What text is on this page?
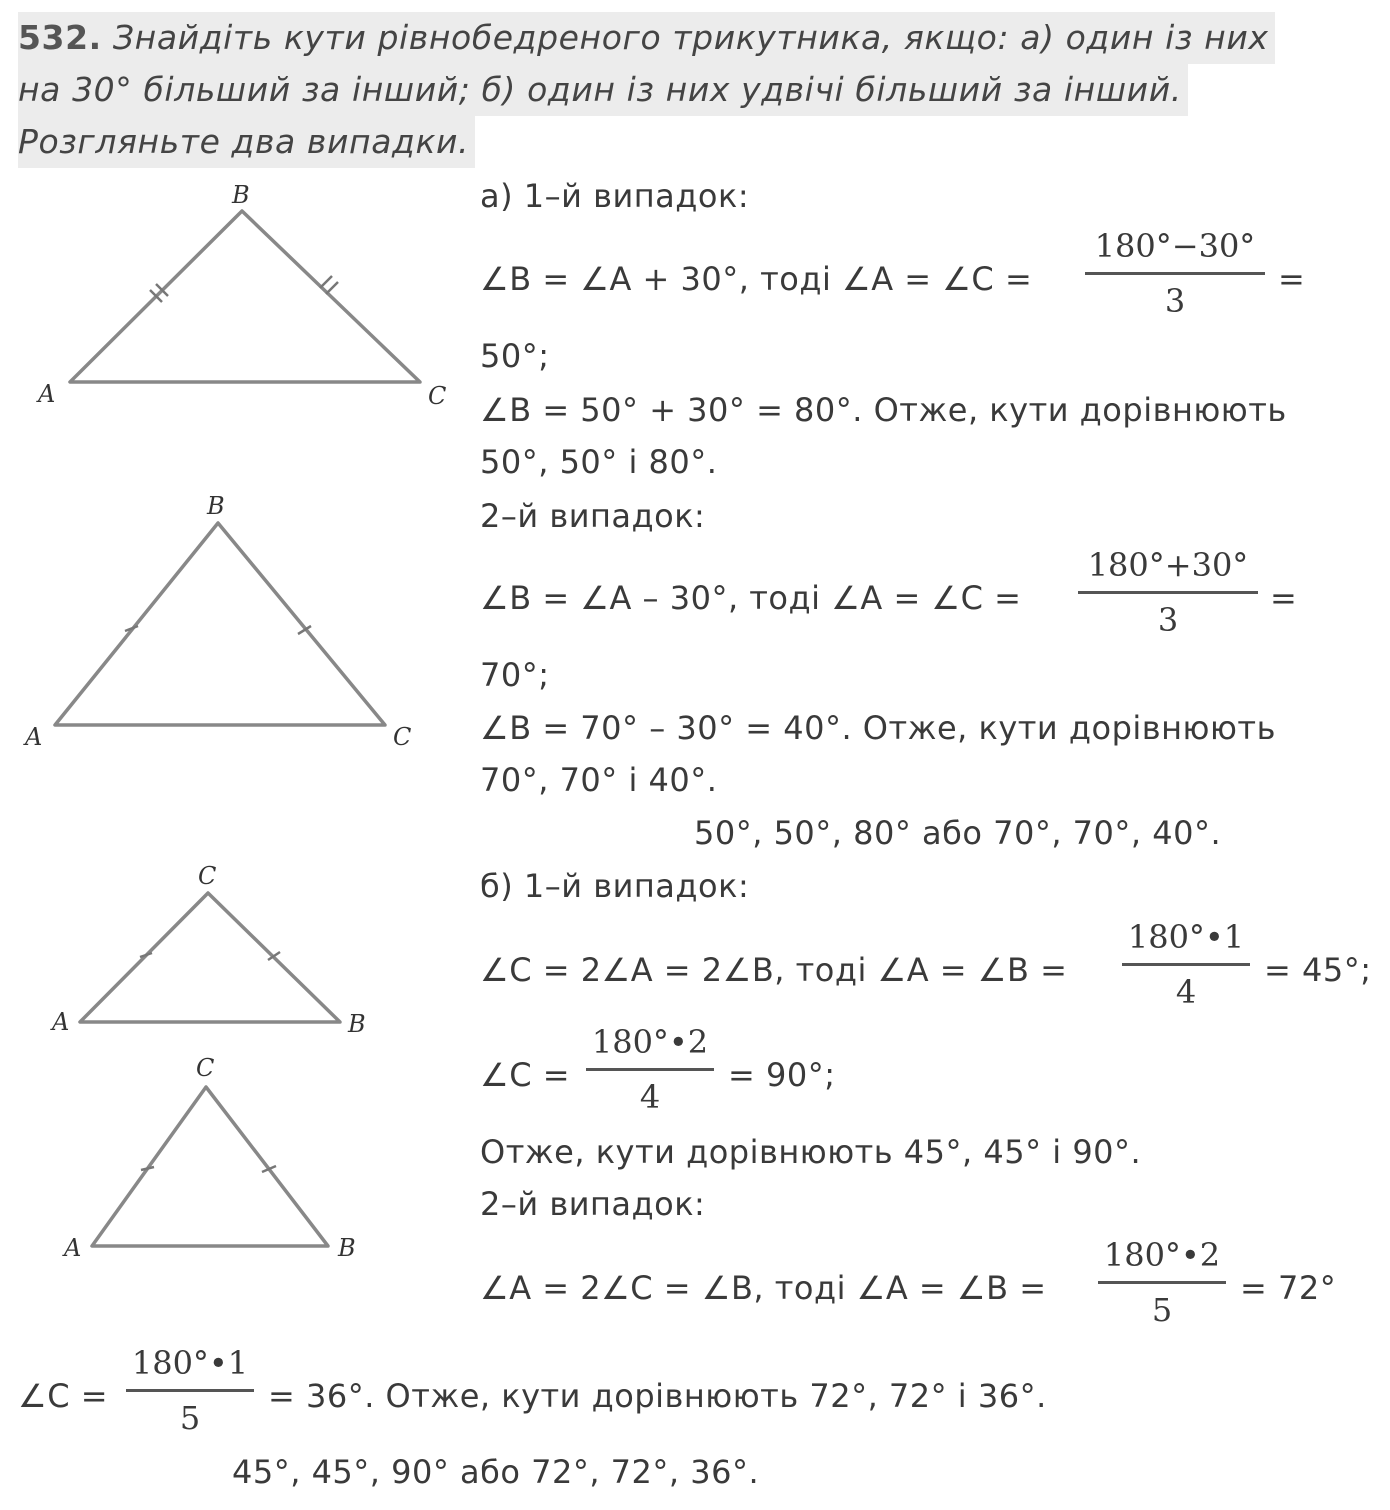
532. Знайдіть кути рівнобедреного трикутника, якщо: а) один із них
на 30° більший за інший; б) один із них удвічі більший за інший.
Розгляньте два випадки.
B
A	C
B
A	C
C
A	B
C
A	B
а) 1–й випадок:
∠B = ∠A + 30°, тоді ∠A = ∠C =
180°−30°
3
=
50°;
∠B = 50° + 30° = 80°. Отже, кути дорівнюють
50°, 50° і 80°.
2–й випадок:
∠B = ∠A – 30°, тоді ∠A = ∠C =
180°+30°
3
=
70°;
∠B = 70° – 30° = 40°. Отже, кути дорівнюють
70°, 70° і 40°.
50°, 50°, 80° або 70°, 70°, 40°.
б) 1–й випадок:
∠C = 2∠A = 2∠B, тоді ∠A = ∠B =
180°•1
4
= 45°;
∠C =
180°•2
4
= 90°;
Отже, кути дорівнюють 45°, 45° і 90°.
2–й випадок:
∠A = 2∠C = ∠B, тоді ∠A = ∠B =
180°•2
5
= 72°
∠C =
180°•1
5
= 36°. Отже, кути дорівнюють 72°, 72° і 36°.
45°, 45°, 90° або 72°, 72°, 36°.
